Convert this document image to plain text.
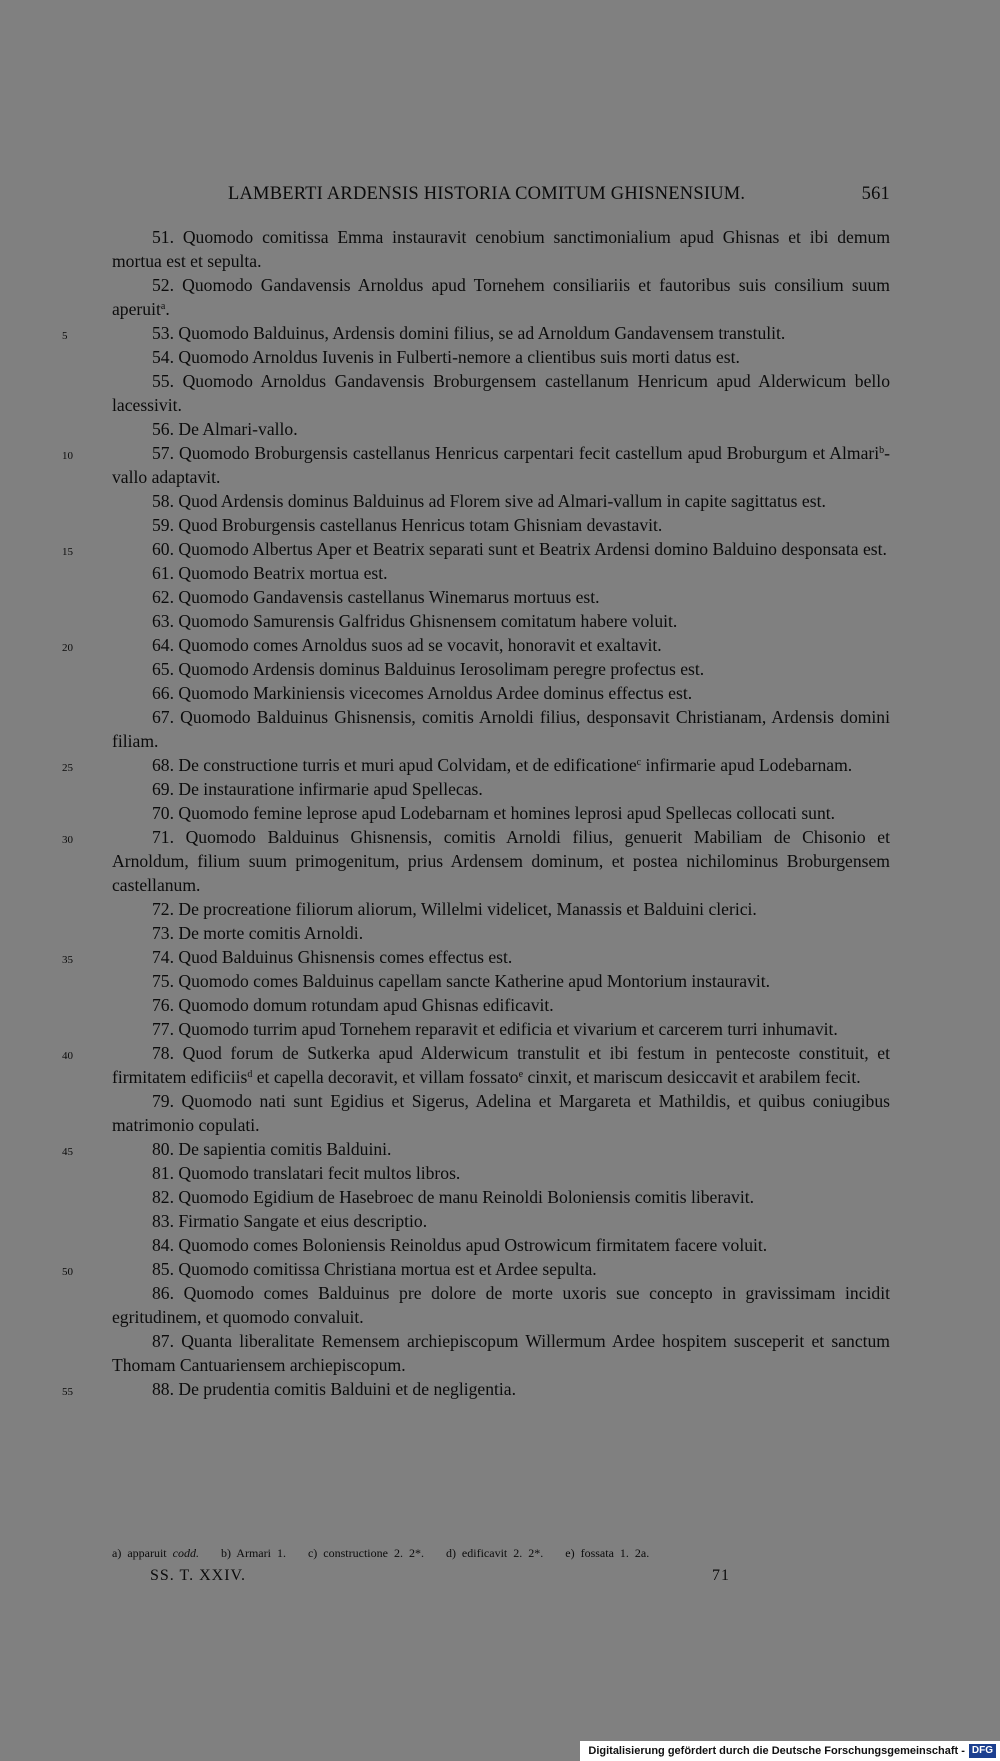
LAMBERTI ARDENSIS HISTORIA COMITUM GHISNENSIUM.	561

51. Quomodo comitissa Emma instauravit cenobium sanctimonialium apud Ghisnas et ibi demum mortua est et sepulta.

52. Quomodo Gandavensis Arnoldus apud Tornehem consiliariis et fautoribus suis consilium suum aperuit$^a$.

5	53. Quomodo Balduinus, Ardensis domini filius, se ad Arnoldum Gandavensem transtulit.

54. Quomodo Arnoldus Iuvenis in Fulberti-nemore a clientibus suis morti datus est.

55. Quomodo Arnoldus Gandavensis Broburgensem castellanum Henricum apud Alderwicum bello lacessivit.

56. De Almari-vallo.

10	57. Quomodo Broburgensis castellanus Henricus carpentari fecit castellum apud Broburgum et Almari$^b$-vallo adaptavit.

58. Quod Ardensis dominus Balduinus ad Florem sive ad Almari-vallum in capite sagittatus est.

59. Quod Broburgensis castellanus Henricus totam Ghisniam devastavit.

15	60. Quomodo Albertus Aper et Beatrix separati sunt et Beatrix Ardensi domino Balduino desponsata est.

61. Quomodo Beatrix mortua est.

62. Quomodo Gandavensis castellanus Winemarus mortuus est.

63. Quomodo Samurensis Galfridus Ghisnensem comitatum habere voluit.

20	64. Quomodo comes Arnoldus suos ad se vocavit, honoravit et exaltavit.

65. Quomodo Ardensis dominus Balduinus Ierosolimam peregre profectus est.

66. Quomodo Markiniensis vicecomes Arnoldus Ardee dominus effectus est.

67. Quomodo Balduinus Ghisnensis, comitis Arnoldi filius, desponsavit Christianam, Ardensis domini filiam.

25	68. De constructione turris et muri apud Colvidam, et de edificatione$^c$ infirmarie apud Lodebarnam.

69. De instauratione infirmarie apud Spellecas.

70. Quomodo femine leprose apud Lodebarnam et homines leprosi apud Spellecas collocati sunt.

30	71. Quomodo Balduinus Ghisnensis, comitis Arnoldi filius, genuerit Mabiliam de Chisonio et Arnoldum, filium suum primogenitum, prius Ardensem dominum, et postea nichilominus Broburgensem castellanum.

72. De procreatione filiorum aliorum, Willelmi videlicet, Manassis et Balduini clerici.

73. De morte comitis Arnoldi.

35	74. Quod Balduinus Ghisnensis comes effectus est.

75. Quomodo comes Balduinus capellam sancte Katherine apud Montorium instauravit.

76. Quomodo domum rotundam apud Ghisnas edificavit.

77. Quomodo turrim apud Tornehem reparavit et edificia et vivarium et carcerem turri inhumavit.

40	78. Quod forum de Sutkerka apud Alderwicum transtulit et ibi festum in pentecoste constituit, et firmitatem edificiis$^d$ et capella decoravit, et villam fossato$^e$ cinxit, et mariscum desiccavit et arabilem fecit.

79. Quomodo nati sunt Egidius et Sigerus, Adelina et Margareta et Mathildis, et quibus coniugibus matrimonio copulati.

45	80. De sapientia comitis Balduini.

81. Quomodo translatari fecit multos libros.

82. Quomodo Egidium de Hasebroec de manu Reinoldi Boloniensis comitis liberavit.

83. Firmatio Sangate et eius descriptio.

84. Quomodo comes Boloniensis Reinoldus apud Ostrowicum firmitatem facere voluit.

50	85. Quomodo comitissa Christiana mortua est et Ardee sepulta.

86. Quomodo comes Balduinus pre dolore de morte uxoris sue concepto in gravissimam incidit egritudinem, et quomodo convaluit.

87. Quanta liberalitate Remensem archiepiscopum Willermum Ardee hospitem susceperit et sanctum Thomam Cantuariensem archiepiscopum.

55	88. De prudentia comitis Balduini et de negligentia.

a) apparuit codd. b) Armari 1. c) constructione 2. 2*. d) edificavit 2. 2*. e) fossata 1. 2a.
SS. T. XXIV.	71
Digitalisierung gefördert durch die Deutsche Forschungsgemeinschaft - DFG
